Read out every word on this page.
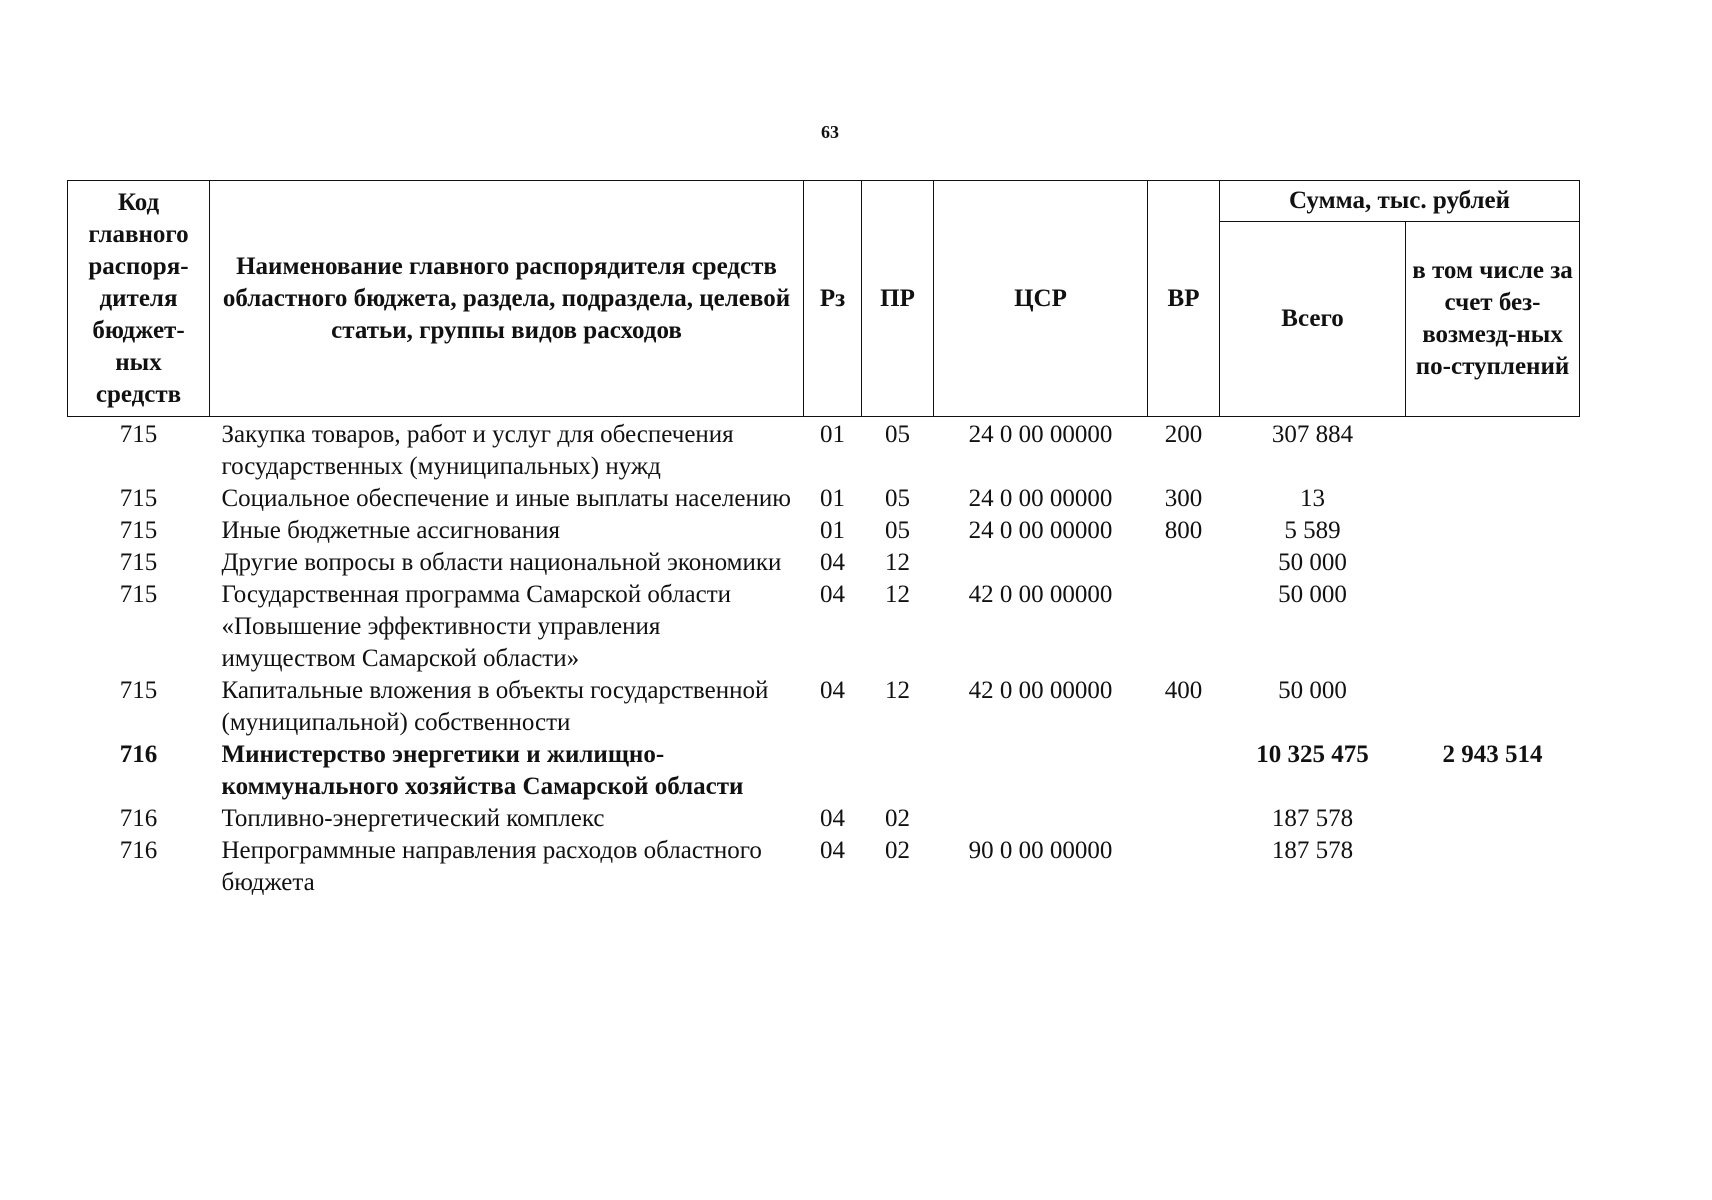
63
Код главного распоря-дителя бюджет-ных средств	Наименование главного распорядителя средств областного бюджета, раздела, подраздела, целевой статьи, группы видов расходов	Рз	ПР	ЦСР	ВР	Сумма, тыс. рублей	
						Всего	в том числе за счет без-возмезд-ных по-ступлений
715	Закупка товаров, работ и услуг для обеспечения государственных (муниципальных) нужд	01	05	24 0 00 00000	200	307 884	
715	Социальное обеспечение и иные выплаты населению	01	05	24 0 00 00000	300	13	
715	Иные бюджетные ассигнования	01	05	24 0 00 00000	800	5 589	
715	Другие вопросы в области национальной экономики	04	12			50 000	
715	Государственная программа Самарской области «Повышение эффективности управления имуществом Самарской области»	04	12	42 0 00 00000		50 000	
715	Капитальные вложения в объекты государственной (муниципальной) собственности	04	12	42 0 00 00000	400	50 000	
716	Министерство энергетики и жилищно-коммунального хозяйства Самарской области					10 325 475	2 943 514
716	Топливно-энергетический комплекс	04	02			187 578	
716	Непрограммные направления расходов областного бюджета	04	02	90 0 00 00000		187 578	
